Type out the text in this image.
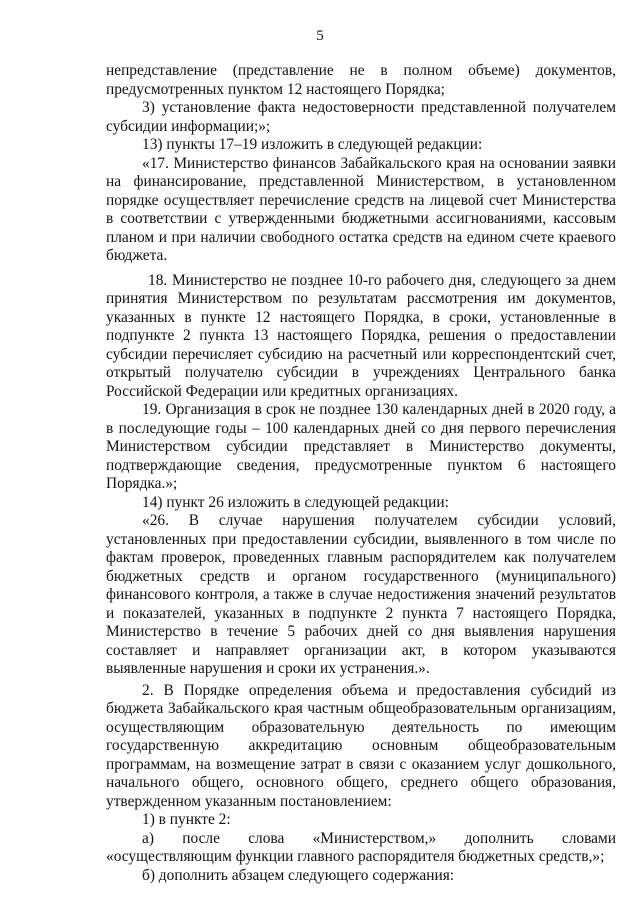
5

непредставление (представление не в полном объеме) документов, предусмотренных пунктом 12 настоящего Порядка;

3) установление факта недостоверности представленной получателем субсидии информации;»;

13) пункты 17–19 изложить в следующей редакции:

«17. Министерство финансов Забайкальского края на основании заявки на финансирование, представленной Министерством, в установленном порядке осуществляет перечисление средств на лицевой счет Министерства в соответствии с утвержденными бюджетными ассигнованиями, кассовым планом и при наличии свободного остатка средств на едином счете краевого бюджета.

18. Министерство не позднее 10-го рабочего дня, следующего за днем принятия Министерством по результатам рассмотрения им документов, указанных в пункте 12 настоящего Порядка, в сроки, установленные в подпункте 2 пункта 13 настоящего Порядка, решения о предоставлении субсидии перечисляет субсидию на расчетный или корреспондентский счет, открытый получателю субсидии в учреждениях Центрального банка Российской Федерации или кредитных организациях.

19. Организация в срок не позднее 130 календарных дней в 2020 году, а в последующие годы – 100 календарных дней со дня первого перечисления Министерством субсидии представляет в Министерство документы, подтверждающие сведения, предусмотренные пунктом 6 настоящего Порядка.»;

14) пункт 26 изложить в следующей редакции:

«26. В случае нарушения получателем субсидии условий, установленных при предоставлении субсидии, выявленного в том числе по фактам проверок, проведенных главным распорядителем как получателем бюджетных средств и органом государственного (муниципального) финансового контроля, а также в случае недостижения значений результатов и показателей, указанных в подпункте 2 пункта 7 настоящего Порядка, Министерство в течение 5 рабочих дней со дня выявления нарушения составляет и направляет организации акт, в котором указываются выявленные нарушения и сроки их устранения.».

2. В Порядке определения объема и предоставления субсидий из бюджета Забайкальского края частным общеобразовательным организациям, осуществляющим образовательную деятельность по имеющим государственную аккредитацию основным общеобразовательным программам, на возмещение затрат в связи с оказанием услуг дошкольного, начального общего, основного общего, среднего общего образования, утвержденном указанным постановлением:

1) в пункте 2:

а) после слова «Министерством,» дополнить словами «осуществляющим функции главного распорядителя бюджетных средств,»;

б) дополнить абзацем следующего содержания:
